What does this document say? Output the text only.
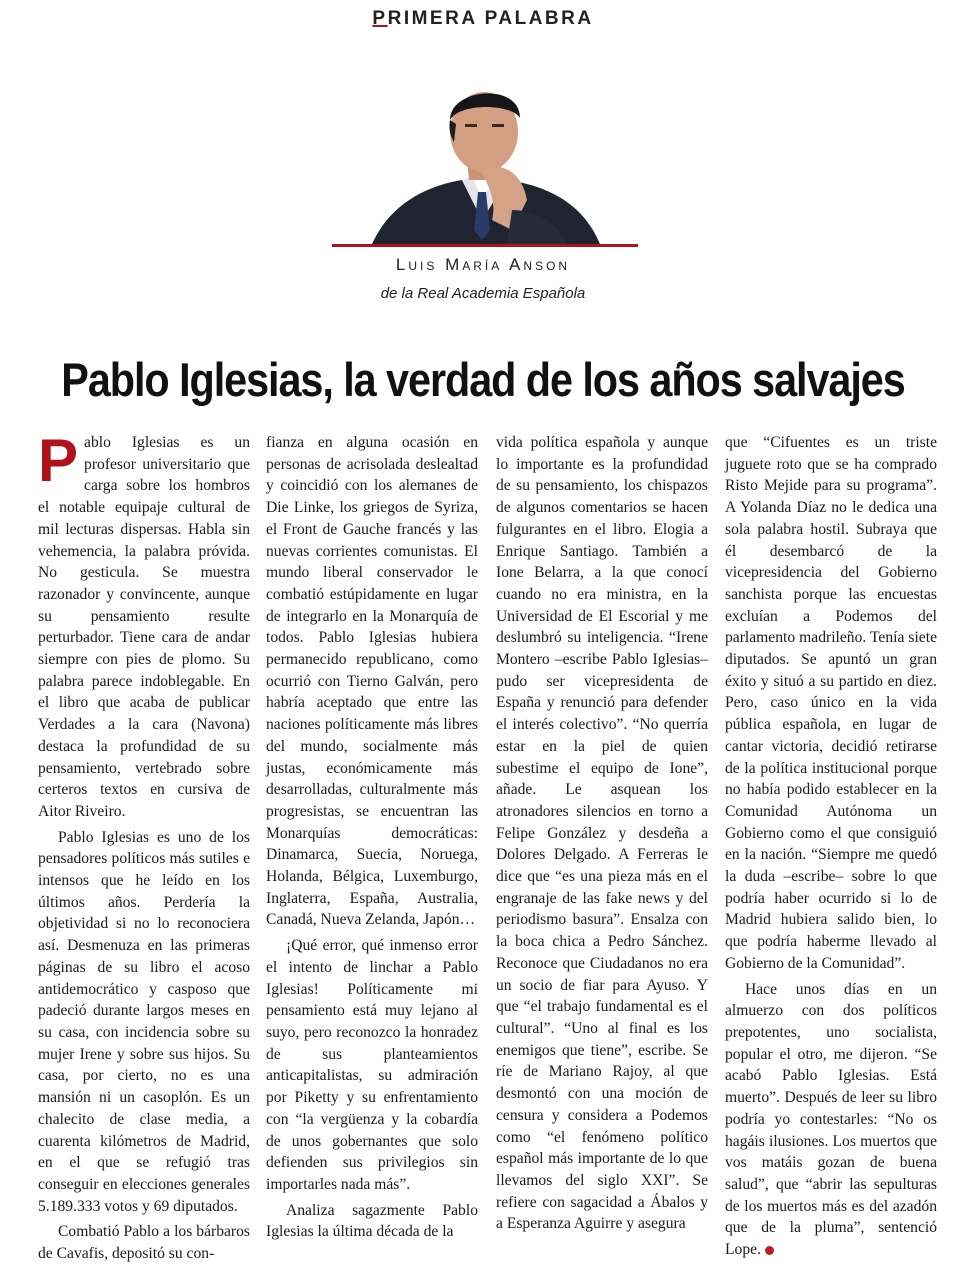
PRIMERA PALABRA
Luis María Anson
de la Real Academia Española
Pablo Iglesias, la verdad de los años salvajes

Pablo Iglesias es un profesor universitario que carga sobre los hombros el notable equipaje cultural de mil lecturas dispersas. Habla sin vehemencia, la palabra próvida. No gesticula. Se muestra razonador y convincente, aunque su pensamiento resulte perturbador. Tiene cara de andar siempre con pies de plomo. Su palabra parece indoblegable. En el libro que acaba de publicar Verdades a la cara (Navona) destaca la profundidad de su pensamiento, vertebrado sobre certeros textos en cursiva de Aitor Riveiro.

Pablo Iglesias es uno de los pensadores políticos más sutiles e intensos que he leído en los últimos años. Perdería la objetividad si no lo reconociera así. Desmenuza en las primeras páginas de su libro el acoso antidemocrático y casposo que padeció durante largos meses en su casa, con incidencia sobre su mujer Irene y sobre sus hijos. Su casa, por cierto, no es una mansión ni un casoplón. Es un chalecito de clase media, a cuarenta kilómetros de Madrid, en el que se refugió tras conseguir en elecciones generales 5.189.333 votos y 69 diputados.

Combatió Pablo a los bárbaros de Cavafis, depositó su con-

fianza en alguna ocasión en personas de acrisolada deslealtad y coincidió con los alemanes de Die Linke, los griegos de Syriza, el Front de Gauche francés y las nuevas corrientes comunistas. El mundo liberal conservador le combatió estúpidamente en lugar de integrarlo en la Monarquía de todos. Pablo Iglesias hubiera permanecido republicano, como ocurrió con Tierno Galván, pero habría aceptado que entre las naciones políticamente más libres del mundo, socialmente más justas, económicamente más desarrolladas, culturalmente más progresistas, se encuentran las Monarquías democráticas: Dinamarca, Suecia, Noruega, Holanda, Bélgica, Luxemburgo, Inglaterra, España, Australia, Canadá, Nueva Zelanda, Japón…

¡Qué error, qué inmenso error el intento de linchar a Pablo Iglesias! Políticamente mi pensamiento está muy lejano al suyo, pero reconozco la honradez de sus planteamientos anticapitalistas, su admiración por Piketty y su enfrentamiento con “la vergüenza y la cobardía de unos gobernantes que solo defienden sus privilegios sin importarles nada más”.

Analiza sagazmente Pablo Iglesias la última década de la

vida política española y aunque lo importante es la profundidad de su pensamiento, los chispazos de algunos comentarios se hacen fulgurantes en el libro. Elogia a Enrique Santiago. También a Ione Belarra, a la que conocí cuando no era ministra, en la Universidad de El Escorial y me deslumbró su inteligencia. “Irene Montero –escribe Pablo Iglesias– pudo ser vicepresidenta de España y renunció para defender el interés colectivo”. “No querría estar en la piel de quien subestime el equipo de Ione”, añade. Le asquean los atronadores silencios en torno a Felipe González y desdeña a Dolores Delgado. A Ferreras le dice que “es una pieza más en el engranaje de las fake news y del periodismo basura”. Ensalza con la boca chica a Pedro Sánchez. Reconoce que Ciudadanos no era un socio de fiar para Ayuso. Y que “el trabajo fundamental es el cultural”. “Uno al final es los enemigos que tiene”, escribe. Se ríe de Mariano Rajoy, al que desmontó con una moción de censura y considera a Podemos como “el fenómeno político español más importante de lo que llevamos del siglo XXI”. Se refiere con sagacidad a Ábalos y a Esperanza Aguirre y asegura

que “Cifuentes es un triste juguete roto que se ha comprado Risto Mejide para su programa”. A Yolanda Díaz no le dedica una sola palabra hostil. Subraya que él desembarcó de la vicepresidencia del Gobierno sanchista porque las encuestas excluían a Podemos del parlamento madrileño. Tenía siete diputados. Se apuntó un gran éxito y situó a su partido en diez. Pero, caso único en la vida pública española, en lugar de cantar victoria, decidió retirarse de la política institucional porque no había podido establecer en la Comunidad Autónoma un Gobierno como el que consiguió en la nación. “Siempre me quedó la duda –escribe– sobre lo que podría haber ocurrido si lo de Madrid hubiera salido bien, lo que podría haberme llevado al Gobierno de la Comunidad”.

Hace unos días en un almuerzo con dos políticos prepotentes, uno socialista, popular el otro, me dijeron. “Se acabó Pablo Iglesias. Está muerto”. Después de leer su libro podría yo contestarles: “No os hagáis ilusiones. Los muertos que vos matáis gozan de buena salud”, que “abrir las sepulturas de los muertos más es del azadón que de la pluma”, sentenció Lope.
